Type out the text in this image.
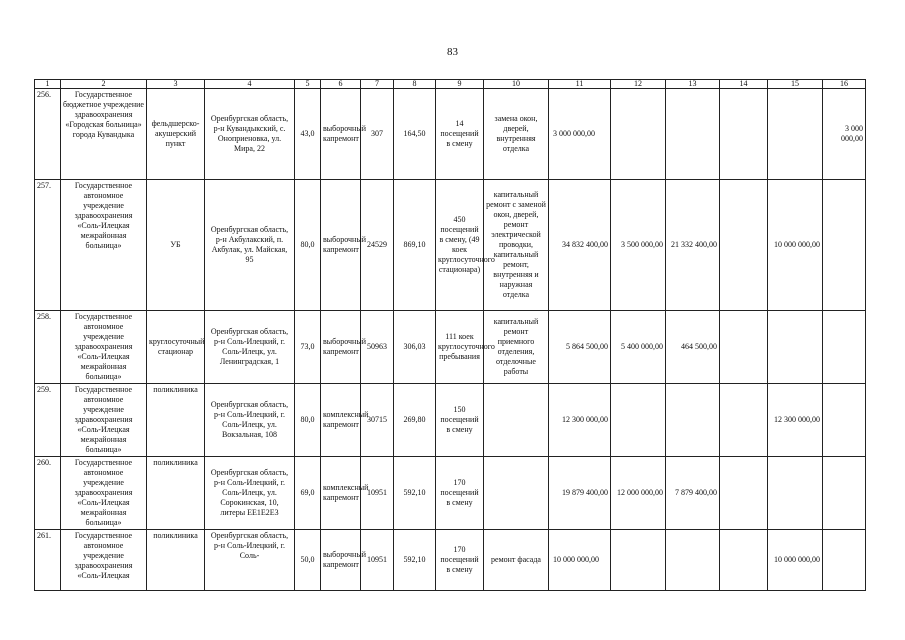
83
1	2	3	4	5	6	7	8	9	10	11	12	13	14	15	16
256.	Государственное бюджетное учреждение здравоохранения «Городская больница» города Кувандыка	фельдшерско-акушерский пункт	Оренбургская область, р-н Кувандыкский, с. Оноприеновка, ул. Мира, 22	43,0	выборочный капремонт	307	164,50	14 посещений в смену	замена окон, дверей, внутренняя отделка	3 000 000,00					3 000 000,00
257.	Государственное автономное учреждение здравоохранения «Соль-Илецкая межрайонная больница»	УБ	Оренбургская область, р-н Акбулакский, п. Акбулак, ул. Майская, 95	80,0	выборочный капремонт	24529	869,10	450 посещений в смену, (49 коек круглосуточного стационара)	капитальный ремонт с заменой окон, дверей, ремонт электрической проводки, капитальный ремонт, внутренняя и наружная отделка	34 832 400,00	3 500 000,00	21 332 400,00		10 000 000,00	
258.	Государственное автономное учреждение здравоохранения «Соль-Илецкая межрайонная больница»	круглосуточный стационар	Оренбургская область, р-н Соль-Илецкий, г. Соль-Илецк, ул. Ленинградская, 1	73,0	выборочный капремонт	50963	306,03	111 коек круглосуточного пребывания	капитальный ремонт приемного отделения, отделочные работы	5 864 500,00	5 400 000,00	464 500,00			
259.	Государственное автономное учреждение здравоохранения «Соль-Илецкая межрайонная больница»	поликлиника	Оренбургская область, р-н Соль-Илецкий, г. Соль-Илецк, ул. Вокзальная, 108	80,0	комплексный капремонт	30715	269,80	150 посещений в смену		12 300 000,00				12 300 000,00	
260.	Государственное автономное учреждение здравоохранения «Соль-Илецкая межрайонная больница»	поликлиника	Оренбургская область, р-н Соль-Илецкий, г. Соль-Илецк, ул. Сорокинская, 10, литеры ЕЕ1Е2Е3	69,0	комплексный капремонт	10951	592,10	170 посещений в смену		19 879 400,00	12 000 000,00	7 879 400,00			
261.	Государственное автономное учреждение здравоохранения «Соль-Илецкая	поликлиника	Оренбургская область, р-н Соль-Илецкий, г. Соль-	50,0	выборочный капремонт	10951	592,10	170 посещений в смену	ремонт фасада	10 000 000,00				10 000 000,00	
